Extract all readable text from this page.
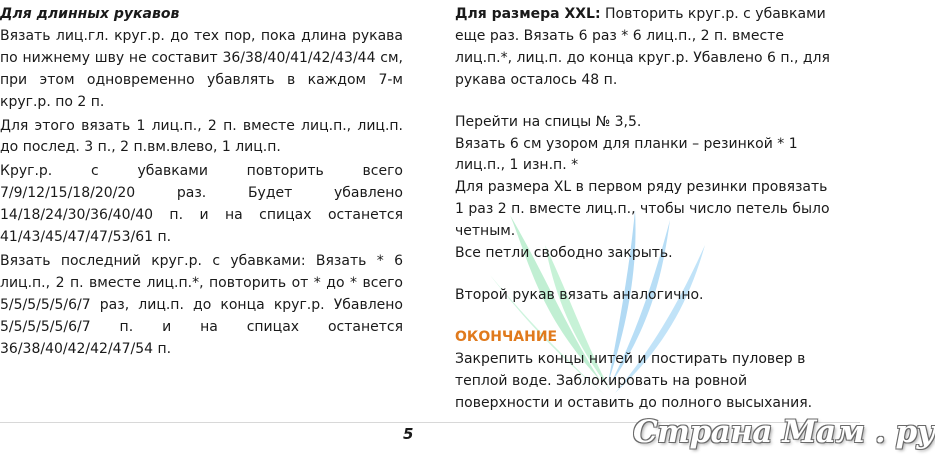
Для длинных рукавов

Вязать лиц.гл. круг.р. до тех пор, пока длина рукава по нижнему шву не составит 36/38/40/41/42/43/44 см, при этом одновременно убавлять в каждом 7-м круг.р. по 2 п.

Для этого вязать 1 лиц.п., 2 п. вместе лиц.п., лиц.п. до послед. 3 п., 2 п.вм.влево, 1 лиц.п.

Круг.р. с убавками повторить всего 7/9/12/15/18/20/20 раз. Будет убавлено 14/18/24/30/36/40/40 п. и на спицах останется 41/43/45/47/47/53/61 п.

Вязать последний круг.р. с убавками: Вязать * 6 лиц.п., 2 п. вместе лиц.п.*, повторить от * до * всего 5/5/5/5/5/6/7 раз, лиц.п. до конца круг.р. Убавлено 5/5/5/5/5/6/7 п. и на спицах останется 36/38/40/42/42/47/54 п.

Для размера XXL: Повторить круг.р. с убавками еще раз. Вязать 6 раз * 6 лиц.п., 2 п. вместе лиц.п.*, лиц.п. до конца круг.р. Убавлено 6 п., для рукава осталось 48 п.

Перейти на спицы № 3,5.

Вязать 6 см узором для планки – резинкой * 1 лиц.п., 1 изн.п. *

Для размера XL в первом ряду резинки провязать 1 раз 2 п. вместе лиц.п., чтобы число петель было четным.

Все петли свободно закрыть.

Второй рукав вязать аналогично.

ОКОНЧАНИЕ

Закрепить концы нитей и постирать пуловер в теплой воде. Заблокировать на ровной поверхности и оставить до полного высыхания.

5	Страна Мам . ру
